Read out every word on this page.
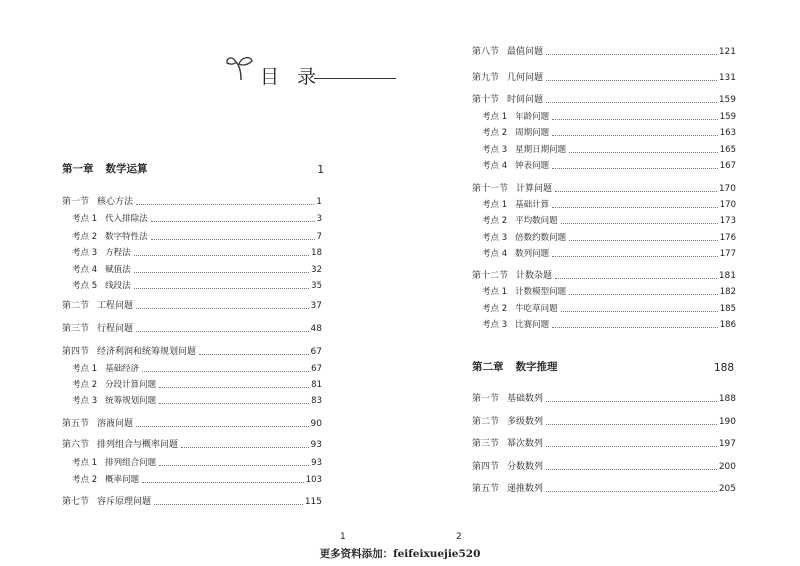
目 录
第一章 数学运算	1
第一节 核心方法	1
考点 1 代入排除法	3
考点 2 数字特性法	7
考点 3 方程法	18
考点 4 赋值法	32
考点 5 线段法	35
第二节 工程问题	37
第三节 行程问题	48
第四节 经济利润和统筹规划问题	67
考点 1 基础经济	67
考点 2 分段计算问题	81
考点 3 统筹规划问题	83
第五节 溶液问题	90
第六节 排列组合与概率问题	93
考点 1 排列组合问题	93
考点 2 概率问题	103
第七节 容斥原理问题	115
1
第八节 最值问题	121
第九节 几何问题	131
第十节 时间问题	159
考点 1 年龄问题	159
考点 2 周期问题	163
考点 3 星期日期问题	165
考点 4 钟表问题	167
第十一节 计算问题	170
考点 1 基础计算	170
考点 2 平均数问题	173
考点 3 倍数约数问题	176
考点 4 数列问题	177
第十二节 计数杂题	181
考点 1 计数模型问题	182
考点 2 牛吃草问题	185
考点 3 比赛问题	186
第二章 数字推理	188
第一节 基础数列	188
第二节 多级数列	190
第三节 幂次数列	197
第四节 分数数列	200
第五节 递推数列	205
2
更多资料添加：feifeixuejie520
